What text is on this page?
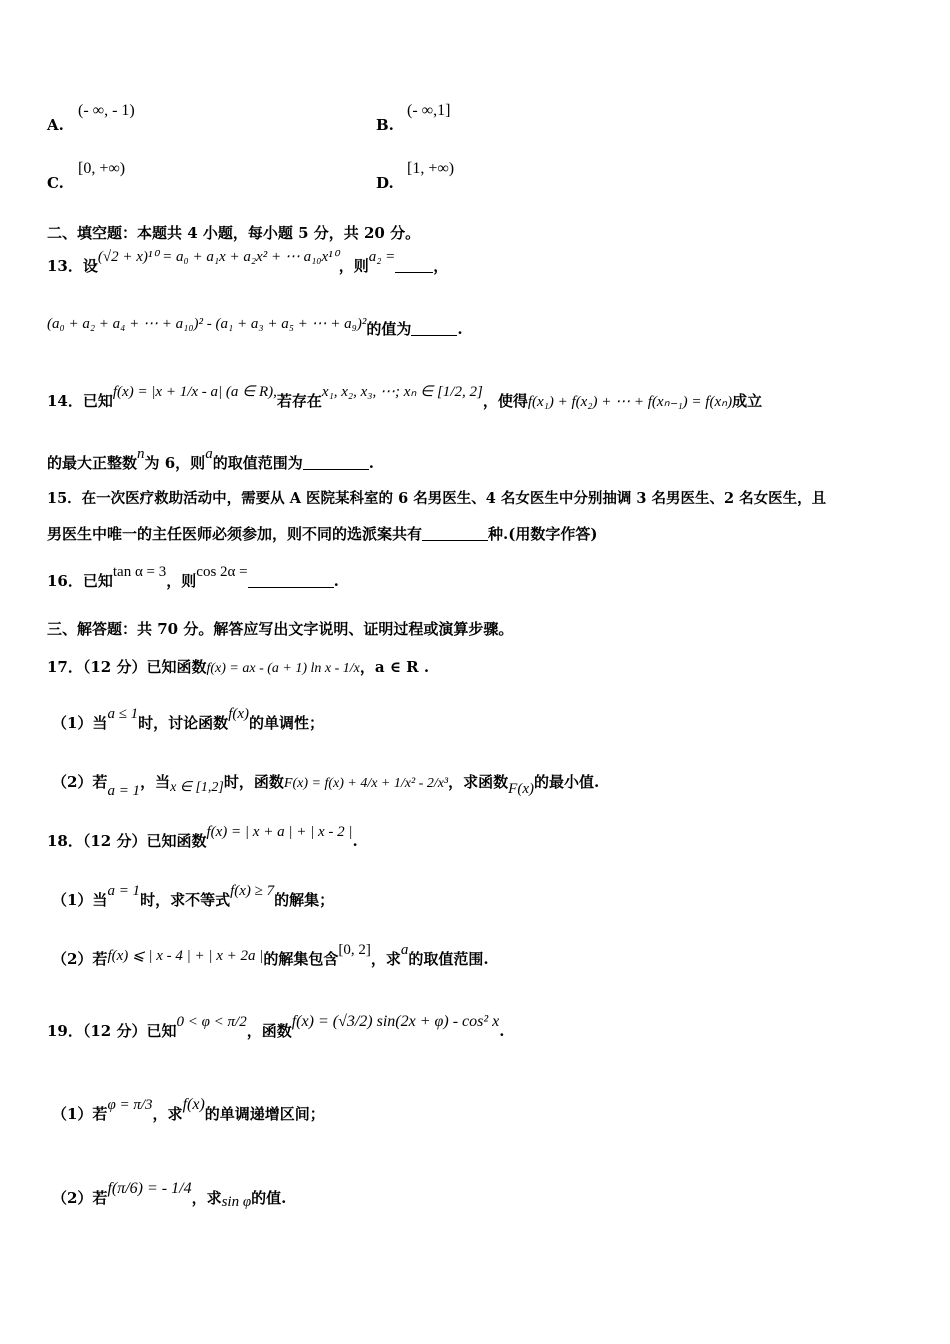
A.
(- ∞, - 1)
B.
(- ∞,1]
C.
[0, +∞)
D.
[1, +∞)
二、填空题：本题共 4 小题，每小题 5 分，共 20 分。
13．设(√2 + x)¹⁰ = a₀ + a₁x + a₂x² + ⋯ a₁₀x¹⁰，则a₂ =	，
(a₀ + a₂ + a₄ + ⋯ + a₁₀)² - (a₁ + a₃ + a₅ + ⋯ + a₉)²的值为	.
14．已知f(x) = |x + 1/x - a| (a ∈ R),若存在x₁, x₂, x₃, ⋯; xₙ ∈ [1/2, 2]，使得f(x₁) + f(x₂) + ⋯ + f(xₙ₋₁) = f(xₙ)成立
的最大正整数n为 6，则a的取值范围为	.
15．在一次医疗救助活动中，需要从 A 医院某科室的 6 名男医生、4 名女医生中分别抽调 3 名男医生、2 名女医生，且
男医生中唯一的主任医师必须参加，则不同的选派案共有	种.(用数字作答)
16．已知tan α = 3，则cos 2α =	.
三、解答题：共 70 分。解答应写出文字说明、证明过程或演算步骤。
17．（12 分）已知函数f(x) = ax - (a + 1) ln x - 1/x，a ∈ R .
（1）当a ≤ 1时，讨论函数f(x)的单调性；
（2）若a = 1，当x ∈ [1,2]时，函数F(x) = f(x) + 4/x + 1/x² - 2/x³，求函数F(x)的最小值.
18．（12 分）已知函数f(x) = | x + a | + | x - 2 |.
（1）当a = 1时，求不等式f(x) ≥ 7的解集；
（2）若f(x) ⩽ | x - 4 | + | x + 2a |的解集包含[0, 2]，求a的取值范围.
19．（12 分）已知0 < φ < π/2，函数f(x) = (√3/2) sin(2x + φ) - cos² x.
（1）若φ = π/3，求f(x)的单调递增区间；
（2）若f(π/6) = - 1/4，求sin φ的值.
